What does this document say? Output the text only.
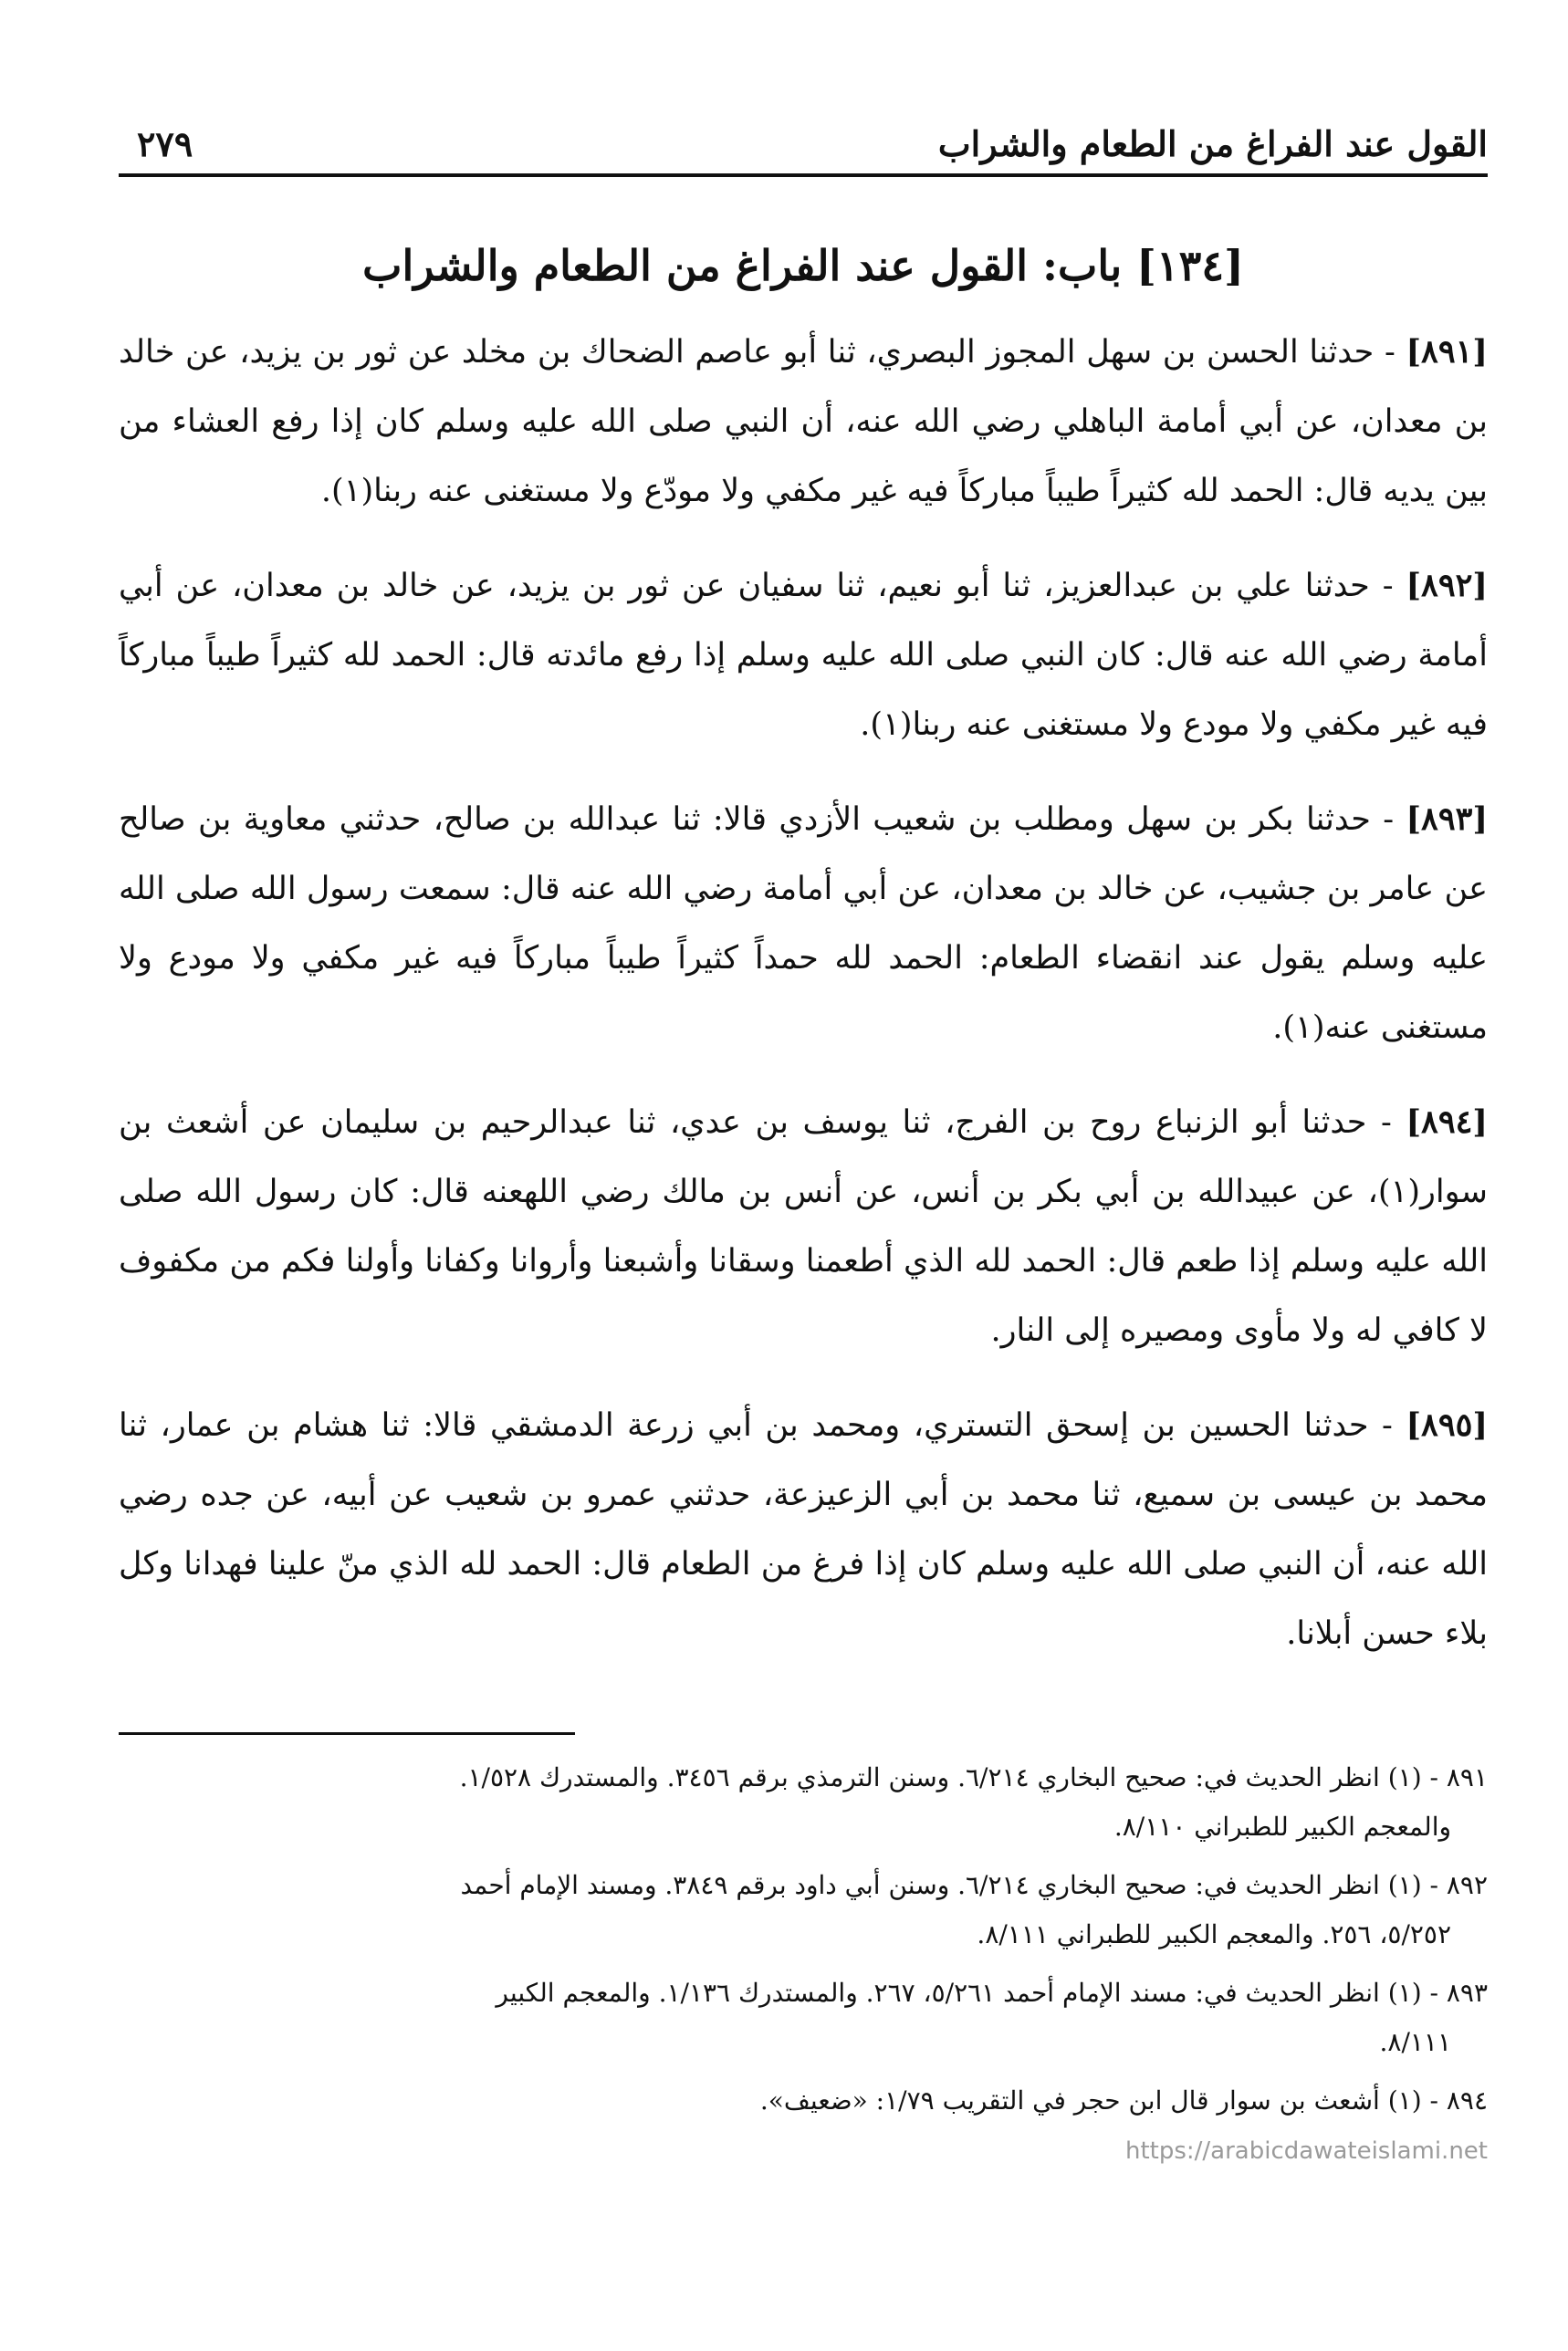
القول عند الفراغ من الطعام والشراب
٢٧٩
[١٣٤] باب: القول عند الفراغ من الطعام والشراب

[٨٩١] - حدثنا الحسن بن سهل المجوز البصري، ثنا أبو عاصم الضحاك بن مخلد عن ثور بن يزيد، عن خالد بن معدان، عن أبي أمامة الباهلي رضي الله عنه، أن النبي صلى الله عليه وسلم كان إذا رفع العشاء من بين يديه قال: الحمد لله كثيراً طيباً مباركاً فيه غير مكفي ولا مودّع ولا مستغنى عنه ربنا(١).

[٨٩٢] - حدثنا علي بن عبدالعزيز، ثنا أبو نعيم، ثنا سفيان عن ثور بن يزيد، عن خالد بن معدان، عن أبي أمامة رضي الله عنه قال: كان النبي صلى الله عليه وسلم إذا رفع مائدته قال: الحمد لله كثيراً طيباً مباركاً فيه غير مكفي ولا مودع ولا مستغنى عنه ربنا(١).

[٨٩٣] - حدثنا بكر بن سهل ومطلب بن شعيب الأزدي قالا: ثنا عبدالله بن صالح، حدثني معاوية بن صالح عن عامر بن جشيب، عن خالد بن معدان، عن أبي أمامة رضي الله عنه قال: سمعت رسول الله صلى الله عليه وسلم يقول عند انقضاء الطعام: الحمد لله حمداً كثيراً طيباً مباركاً فيه غير مكفي ولا مودع ولا مستغنى عنه(١).

[٨٩٤] - حدثنا أبو الزنباع روح بن الفرج، ثنا يوسف بن عدي، ثنا عبدالرحيم بن سليمان عن أشعث بن سوار(١)، عن عبيدالله بن أبي بكر بن أنس، عن أنس بن مالك رضي اللهعنه قال: كان رسول الله صلى الله عليه وسلم إذا طعم قال: الحمد لله الذي أطعمنا وسقانا وأشبعنا وأروانا وكفانا وأولنا فكم من مكفوف لا كافي له ولا مأوى ومصيره إلى النار.

[٨٩٥] - حدثنا الحسين بن إسحق التستري، ومحمد بن أبي زرعة الدمشقي قالا: ثنا هشام بن عمار، ثنا محمد بن عيسى بن سميع، ثنا محمد بن أبي الزعيزعة، حدثني عمرو بن شعيب عن أبيه، عن جده رضي الله عنه، أن النبي صلى الله عليه وسلم كان إذا فرغ من الطعام قال: الحمد لله الذي منّ علينا فهدانا وكل بلاء حسن أبلانا.

٨٩١ - (١) انظر الحديث في: صحيح البخاري ٦/٢١٤. وسنن الترمذي برقم ٣٤٥٦. والمستدرك ١/٥٢٨.
والمعجم الكبير للطبراني ٨/١١٠.
٨٩٢ - (١) انظر الحديث في: صحيح البخاري ٦/٢١٤. وسنن أبي داود برقم ٣٨٤٩. ومسند الإمام أحمد
٥/٢٥٢، ٢٥٦. والمعجم الكبير للطبراني ٨/١١١.
٨٩٣ - (١) انظر الحديث في: مسند الإمام أحمد ٥/٢٦١، ٢٦٧. والمستدرك ١/١٣٦. والمعجم الكبير
٨/١١١.
٨٩٤ - (١) أشعث بن سوار قال ابن حجر في التقريب ١/٧٩: «ضعيف».
https://arabicdawateislami.net
